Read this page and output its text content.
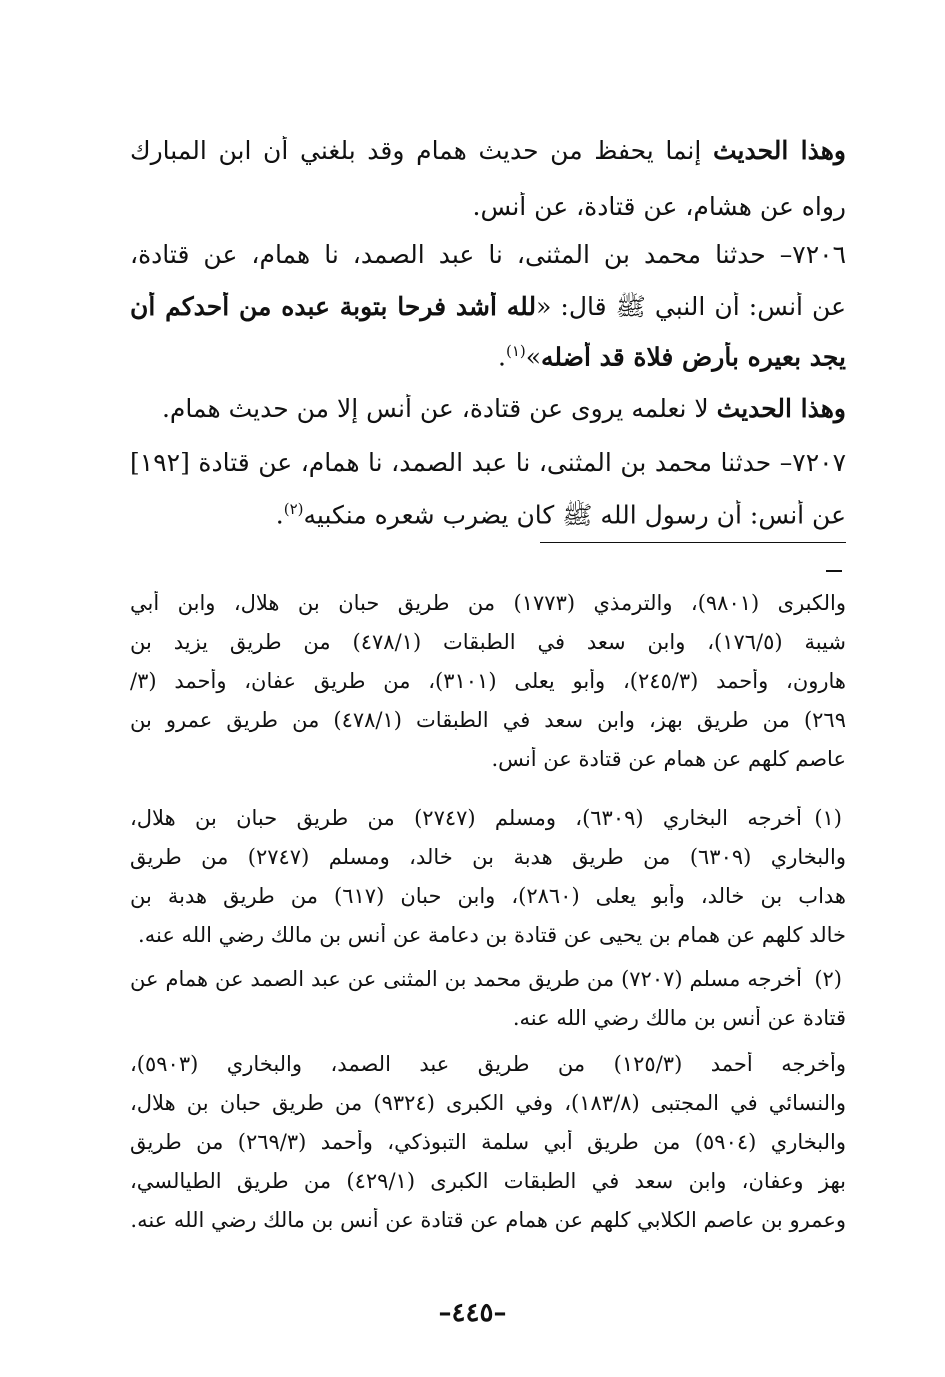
وهذا الحديث إنما يحفظ من حديث همام وقد بلغني أن ابن المبارك
رواه عن هشام، عن قتادة، عن أنس.
٧٢٠٦– حدثنا محمد بن المثنى، نا عبد الصمد، نا همام، عن قتادة،
عن أنس: أن النبي ﷺ قال: «لله أشد فرحا بتوبة عبده من أحدكم أن
يجد بعيره بأرض فلاة قد أضله»$^{(١)}$.
وهذا الحديث لا نعلمه يروى عن قتادة، عن أنس إلا من حديث همام.
٧٢٠٧– حدثنا محمد بن المثنى، نا عبد الصمد، نا همام، عن قتادة [١٩٢]
عن أنس: أن رسول الله ﷺ كان يضرب شعره منكبيه$^{(٢)}$.
والكبرى (٩٨٠١)، والترمذي (١٧٧٣) من طريق حبان بن هلال، وابن أبي
شيبة (١٧٦/٥)، وابن سعد في الطبقات (٤٧٨/١) من طريق يزيد بن
هارون، وأحمد (٢٤٥/٣)، وأبو يعلى (٣١٠١)، من طريق عفان، وأحمد (٣/
٢٦٩) من طريق بهز، وابن سعد في الطبقات (٤٧٨/١) من طريق عمرو بن
عاصم كلهم عن همام عن قتادة عن أنس.
(١)
أخرجه البخاري (٦٣٠٩)، ومسلم (٢٧٤٧) من طريق حبان بن هلال،
والبخاري (٦٣٠٩) من طريق هدبة بن خالد، ومسلم (٢٧٤٧) من طريق
هداب بن خالد، وأبو يعلى (٢٨٦٠)، وابن حبان (٦١٧) من طريق هدبة بن
خالد كلهم عن همام بن يحيى عن قتادة بن دعامة عن أنس بن مالك رضي الله عنه.
(٢)
أخرجه مسلم (٧٢٠٧) من طريق محمد بن المثنى عن عبد الصمد عن همام عن
قتادة عن أنس بن مالك رضي الله عنه.
وأخرجه أحمد (١٢٥/٣) من طريق عبد الصمد، والبخاري (٥٩٠٣)،
والنسائي في المجتبى (١٨٣/٨)، وفي الكبرى (٩٣٢٤) من طريق حبان بن هلال،
والبخاري (٥٩٠٤) من طريق أبي سلمة التبوذكي، وأحمد (٢٦٩/٣) من طريق
بهز وعفان، وابن سعد في الطبقات الكبرى (٤٢٩/١) من طريق الطيالسي،
وعمرو بن عاصم الكلابي كلهم عن همام عن قتادة عن أنس بن مالك رضي الله عنه.
–٤٤٥–
